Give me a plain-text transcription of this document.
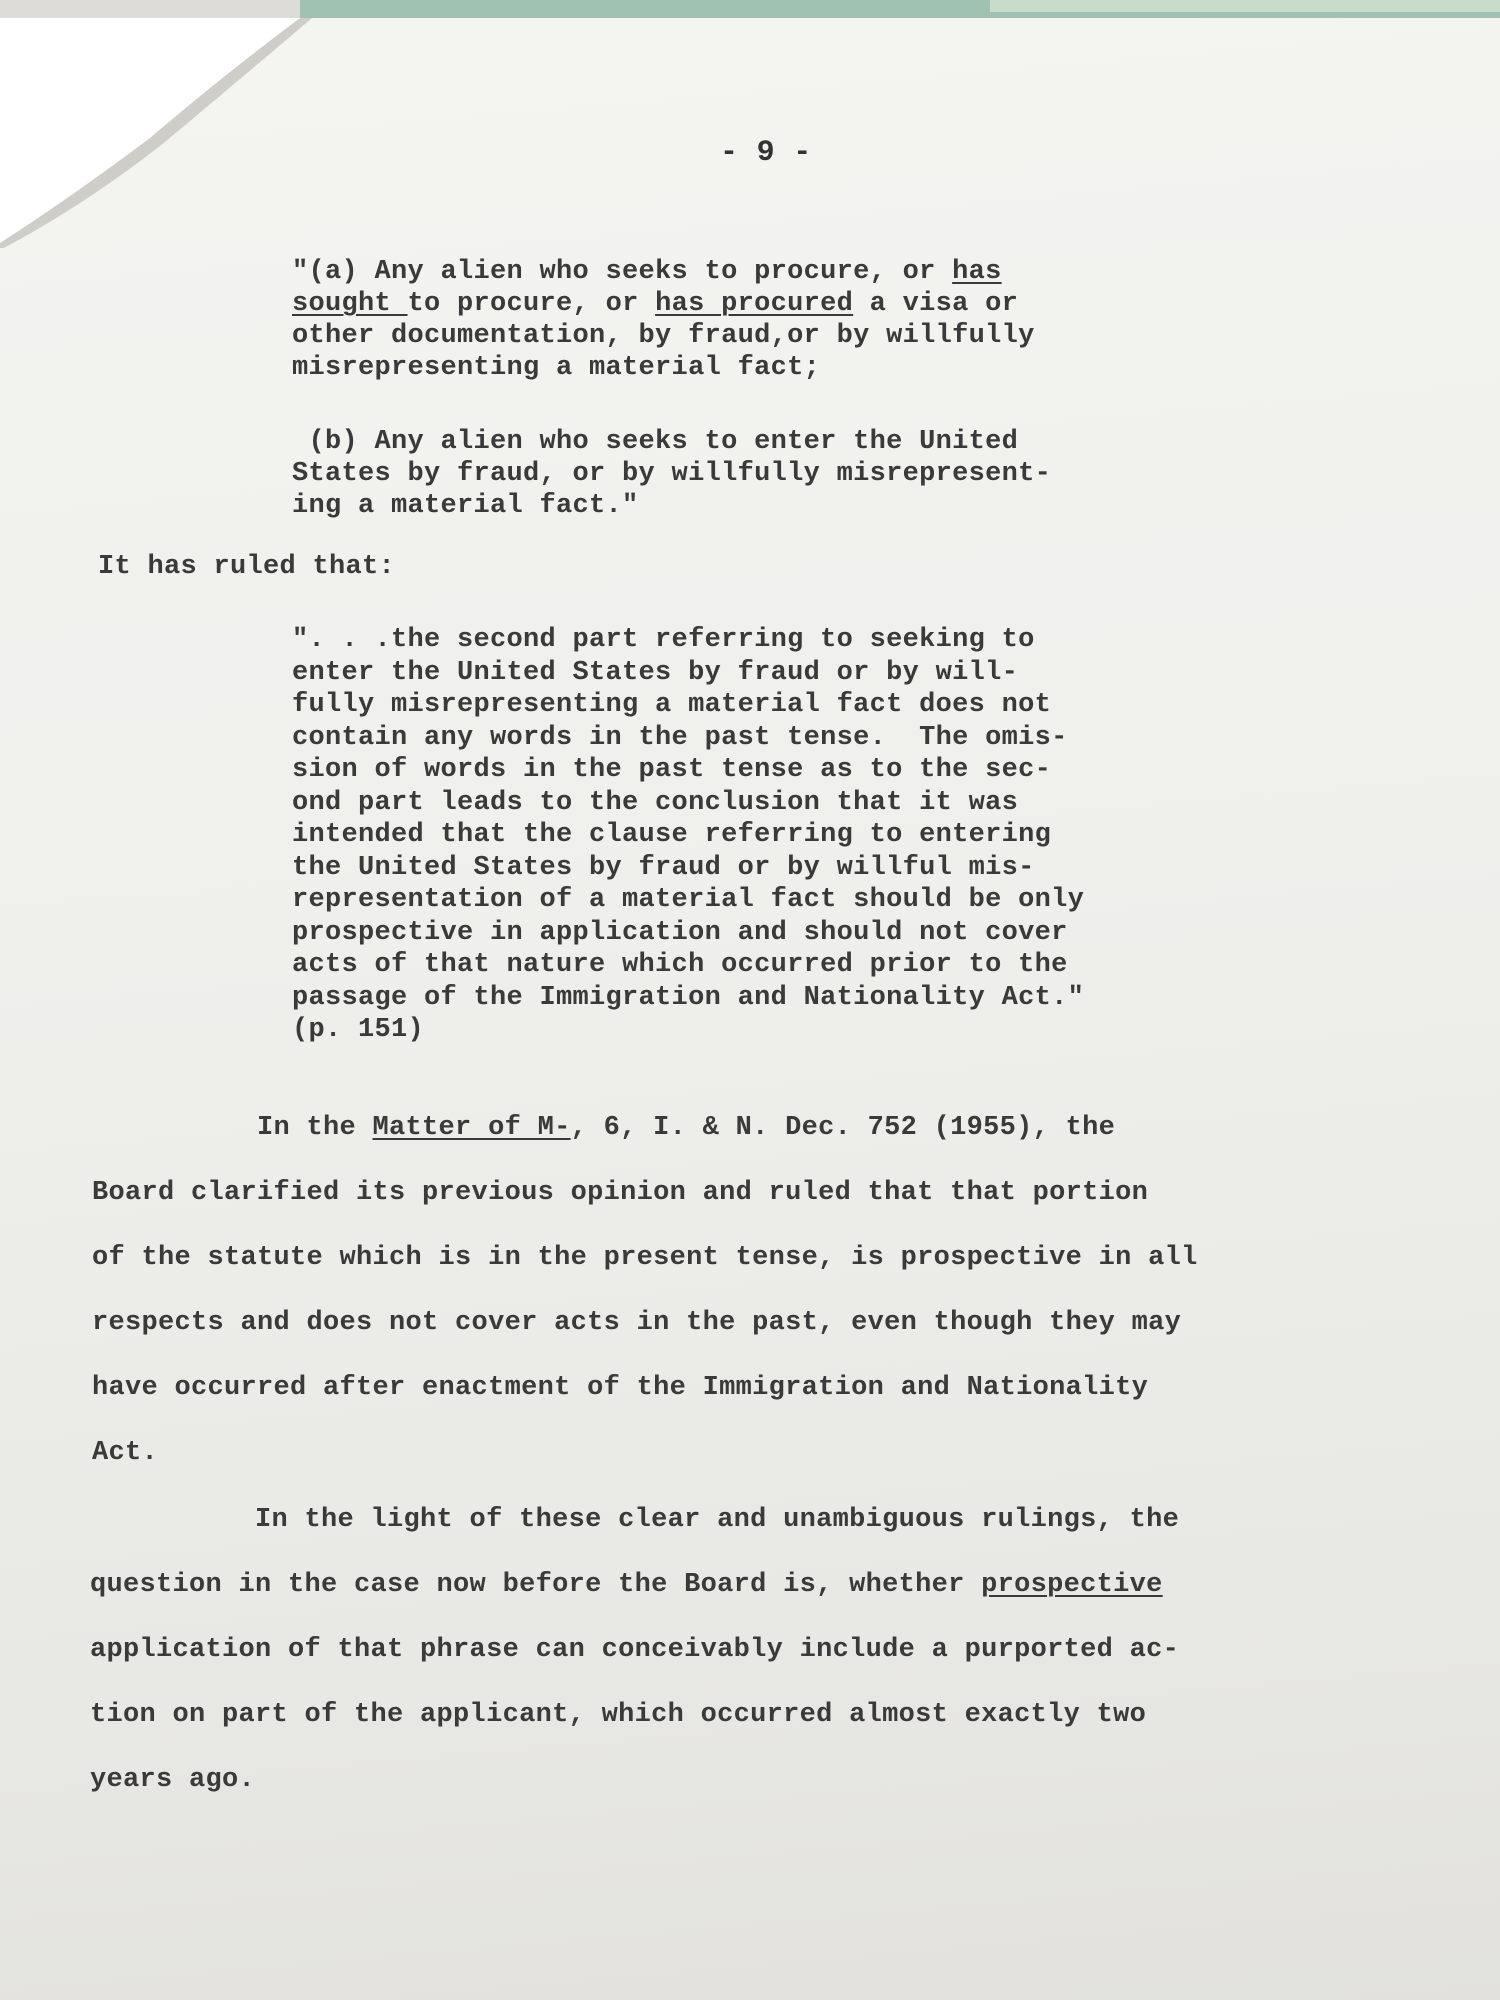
- 9 -
"(a) Any alien who seeks to procure, or has
sought to procure, or has procured a visa or
other documentation, by fraud,or by willfully
misrepresenting a material fact;
(b) Any alien who seeks to enter the United
States by fraud, or by willfully misrepresent-
ing a material fact."
It has ruled that:
". . .the second part referring to seeking to
enter the United States by fraud or by will-
fully misrepresenting a material fact does not
contain any words in the past tense.  The omis-
sion of words in the past tense as to the sec-
ond part leads to the conclusion that it was
intended that the clause referring to entering
the United States by fraud or by willful mis-
representation of a material fact should be only
prospective in application and should not cover
acts of that nature which occurred prior to the
passage of the Immigration and Nationality Act."
(p. 151)
In the Matter of M-, 6, I. & N. Dec. 752 (1955), the
Board clarified its previous opinion and ruled that that portion
of the statute which is in the present tense, is prospective in all
respects and does not cover acts in the past, even though they may
have occurred after enactment of the Immigration and Nationality
Act.
In the light of these clear and unambiguous rulings, the
question in the case now before the Board is, whether prospective
application of that phrase can conceivably include a purported ac-
tion on part of the applicant, which occurred almost exactly two
years ago.
